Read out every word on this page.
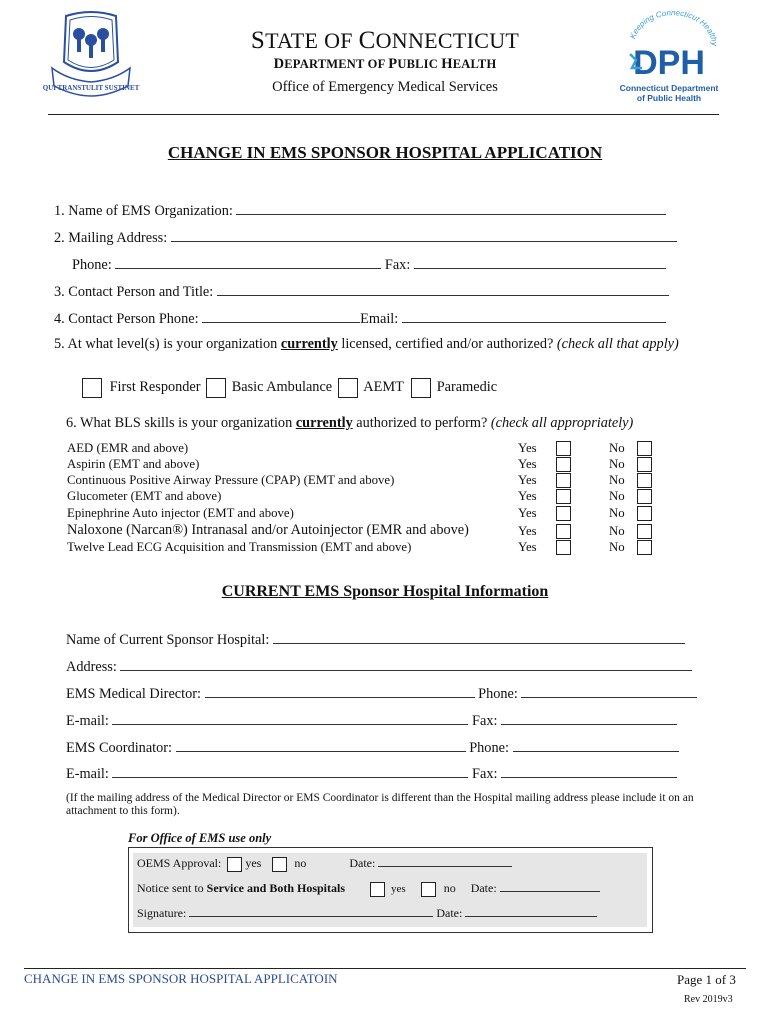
QUI TRANSTULIT SUSTINET
STATE OF CONNECTICUT
DEPARTMENT OF PUBLIC HEALTH
Office of Emergency Medical Services
Keeping Connecticut Healthy
DPH
Connecticut Department
of Public Health
CHANGE IN EMS SPONSOR HOSPITAL APPLICATION
1. Name of EMS Organization:
2. Mailing Address:
Phone:	Fax:
3. Contact Person and Title:
4. Contact Person Phone:	Email:
5. At what level(s) is your organization currently licensed, certified and/or authorized? (check all that apply)
First Responder Basic Ambulance AEMT Paramedic
6. What BLS skills is your organization currently authorized to perform? (check all appropriately)
AED (EMR and above)	Yes	No
Aspirin (EMT and above)	Yes	No
Continuous Positive Airway Pressure (CPAP) (EMT and above)	Yes	No
Glucometer (EMT and above)	Yes	No
Epinephrine Auto injector (EMT and above)	Yes	No
Naloxone (Narcan®) Intranasal and/or Autoinjector (EMR and above)	Yes	No
Twelve Lead ECG Acquisition and Transmission (EMT and above)	Yes	No
CURRENT EMS Sponsor Hospital Information
Name of Current Sponsor Hospital:
Address:
EMS Medical Director:	Phone:
E-mail:	Fax:
EMS Coordinator:	Phone:
E-mail:	Fax:
(If the mailing address of the Medical Director or EMS Coordinator is different than the Hospital mailing address please include it on an attachment to this form).
For Office of EMS use only
OEMS Approval: yes	no	Date:
Notice sent to Service and Both Hospitals	yes	no Date:
Signature:	Date:
CHANGE IN EMS SPONSOR HOSPITAL APPLICATOIN	Page 1 of 3
Rev 2019v3
